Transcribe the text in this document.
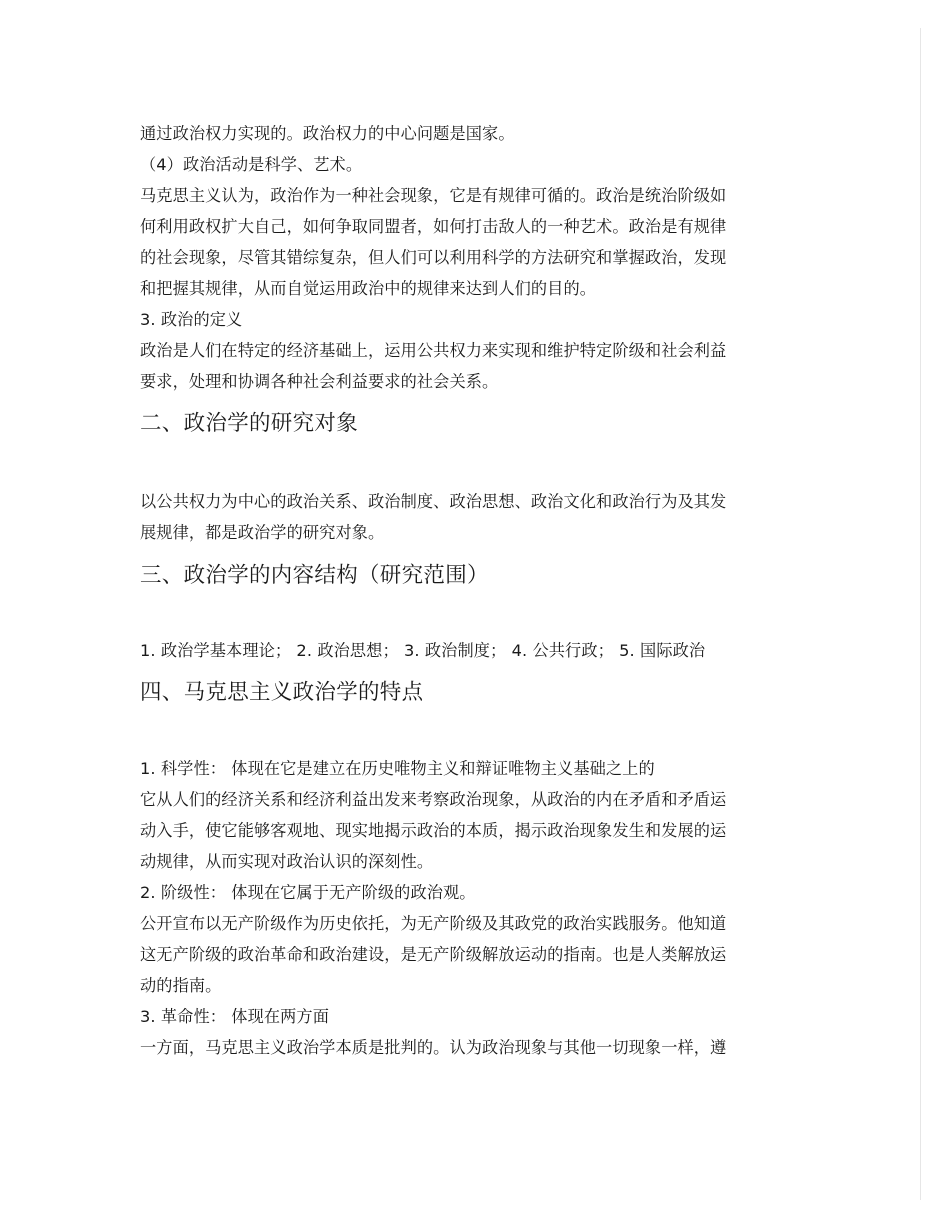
通过政治权力实现的。政治权力的中心问题是国家。
（4）政治活动是科学、艺术。
马克思主义认为，政治作为一种社会现象，它是有规律可循的。政治是统治阶级如
何利用政权扩大自己，如何争取同盟者，如何打击敌人的一种艺术。政治是有规律
的社会现象，尽管其错综复杂，但人们可以利用科学的方法研究和掌握政治，发现
和把握其规律，从而自觉运用政治中的规律来达到人们的目的。
3. 政治的定义
政治是人们在特定的经济基础上，运用公共权力来实现和维护特定阶级和社会利益
要求，处理和协调各种社会利益要求的社会关系。
二、政治学的研究对象
以公共权力为中心的政治关系、政治制度、政治思想、政治文化和政治行为及其发
展规律，都是政治学的研究对象。
三、政治学的内容结构（研究范围）
1. 政治学基本理论； 2. 政治思想； 3. 政治制度； 4. 公共行政； 5. 国际政治
四、马克思主义政治学的特点
1. 科学性： 体现在它是建立在历史唯物主义和辩证唯物主义基础之上的
它从人们的经济关系和经济利益出发来考察政治现象，从政治的内在矛盾和矛盾运
动入手，使它能够客观地、现实地揭示政治的本质，揭示政治现象发生和发展的运
动规律，从而实现对政治认识的深刻性。
2. 阶级性： 体现在它属于无产阶级的政治观。
公开宣布以无产阶级作为历史依托，为无产阶级及其政党的政治实践服务。他知道
这无产阶级的政治革命和政治建设，是无产阶级解放运动的指南。也是人类解放运
动的指南。
3. 革命性： 体现在两方面
一方面，马克思主义政治学本质是批判的。认为政治现象与其他一切现象一样，遵
